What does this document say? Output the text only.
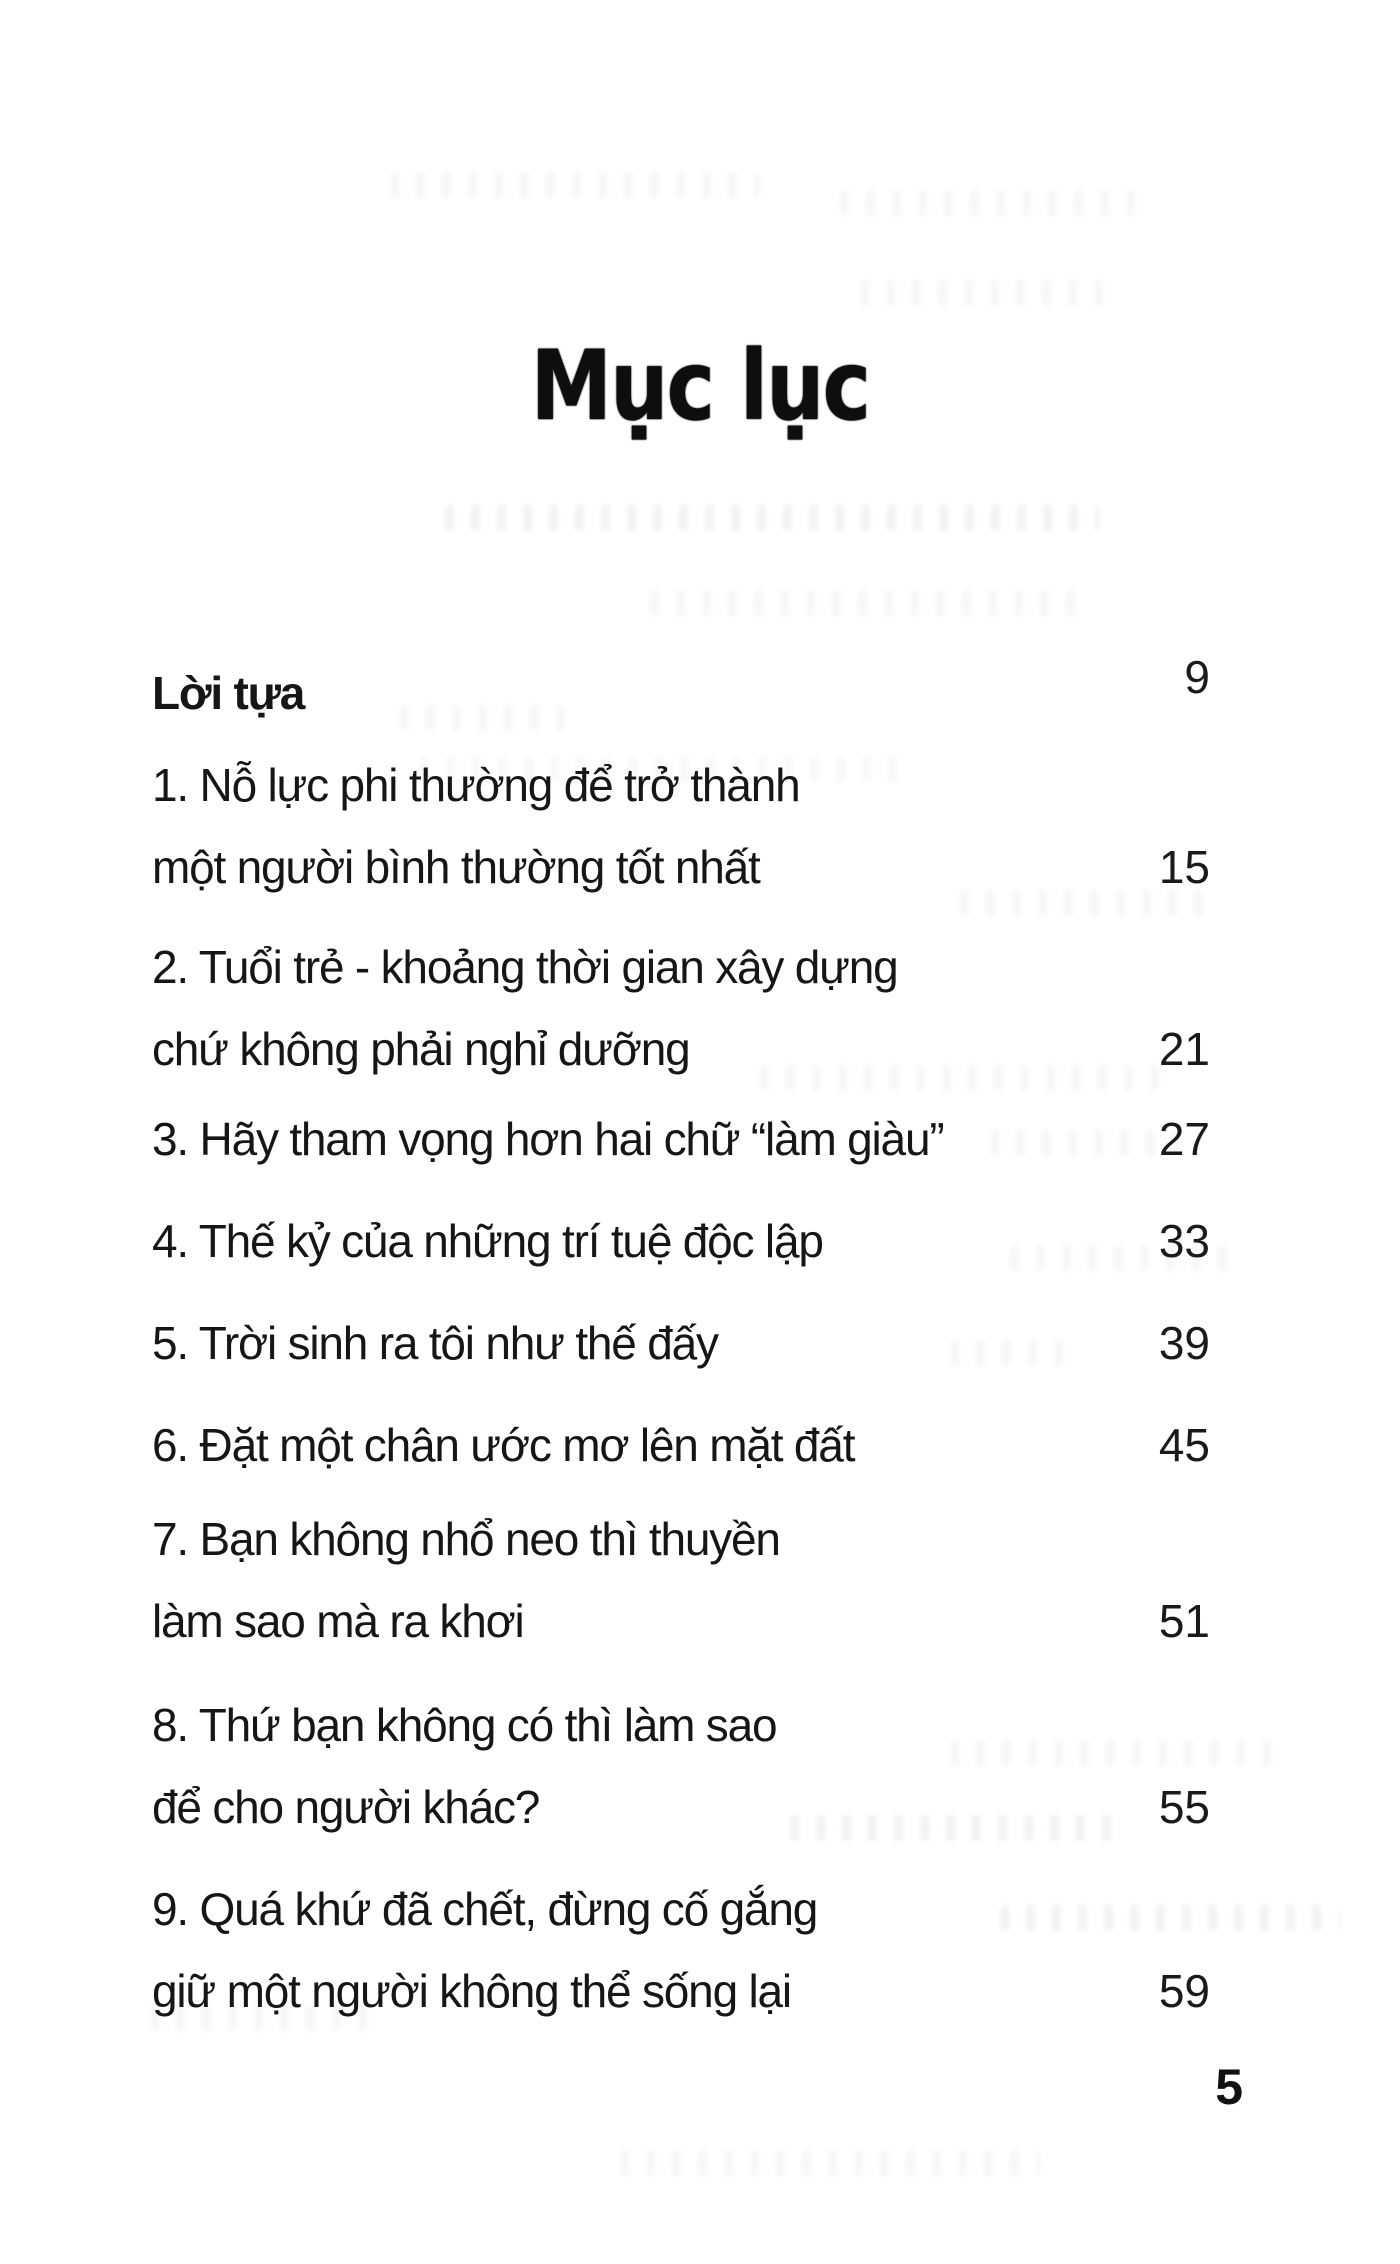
Mục lục
Lời tựa	9
1. Nỗ lực phi thường để trở thành
một người bình thường tốt nhất	15
2. Tuổi trẻ - khoảng thời gian xây dựng
chứ không phải nghỉ dưỡng	21
3. Hãy tham vọng hơn hai chữ “làm giàu”	27
4. Thế kỷ của những trí tuệ độc lập	33
5. Trời sinh ra tôi như thế đấy	39
6. Đặt một chân ước mơ lên mặt đất	45
7. Bạn không nhổ neo thì thuyền
làm sao mà ra khơi	51
8. Thứ bạn không có thì làm sao
để cho người khác?	55
9. Quá khứ đã chết, đừng cố gắng
giữ một người không thể sống lại	59
5
